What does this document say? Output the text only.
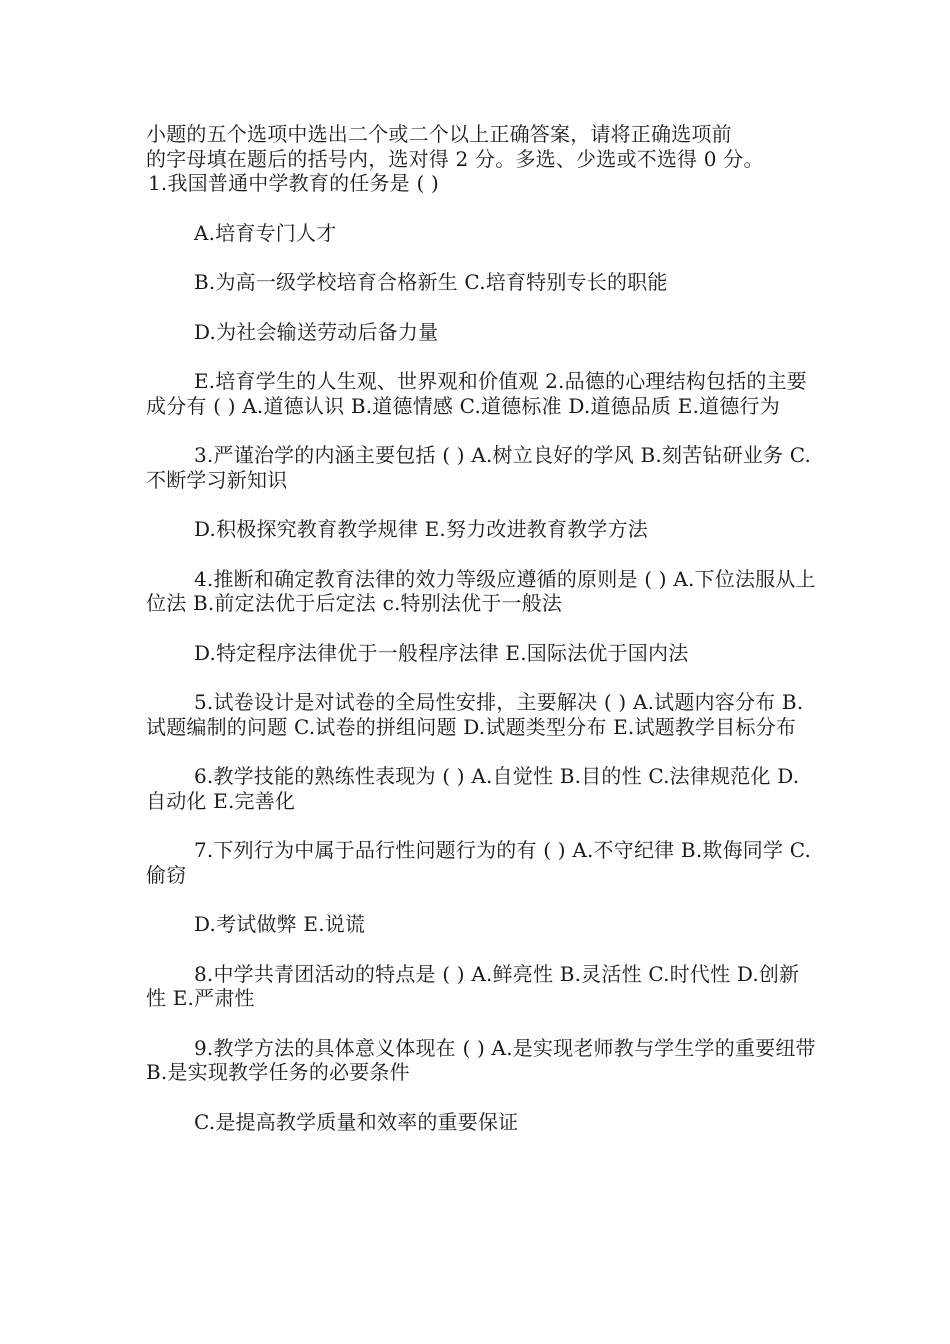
小题的五个选项中选出二个或二个以上正确答案，请将正确选项前

的字母填在题后的括号内，选对得 2 分。多选、少选或不选得 0 分。

1.我国普通中学教育的任务是 ( )

A.培育专门人才

B.为高一级学校培育合格新生 C.培育特别专长的职能

D.为社会输送劳动后备力量

E.培育学生的人生观、世界观和价值观 2.品德的心理结构包括的主要成分有 ( ) A.道德认识 B.道德情感 C.道德标准 D.道德品质 E.道德行为

3.严谨治学的内涵主要包括 ( ) A.树立良好的学风 B.刻苦钻研业务 C.不断学习新知识

D.积极探究教育教学规律 E.努力改进教育教学方法

4.推断和确定教育法律的效力等级应遵循的原则是 ( ) A.下位法服从上位法 B.前定法优于后定法 c.特别法优于一般法

D.特定程序法律优于一般程序法律 E.国际法优于国内法

5.试卷设计是对试卷的全局性安排，主要解决 ( ) A.试题内容分布 B.试题编制的问题 C.试卷的拼组问题 D.试题类型分布 E.试题教学目标分布

6.教学技能的熟练性表现为 ( ) A.自觉性 B.目的性 C.法律规范化 D.自动化 E.完善化

7.下列行为中属于品行性问题行为的有 ( ) A.不守纪律 B.欺侮同学 C.偷窃

D.考试做弊 E.说谎

8.中学共青团活动的特点是 ( ) A.鲜亮性 B.灵活性 C.时代性 D.创新性 E.严肃性

9.教学方法的具体意义体现在 ( ) A.是实现老师教与学生学的重要纽带 B.是实现教学任务的必要条件

C.是提高教学质量和效率的重要保证
